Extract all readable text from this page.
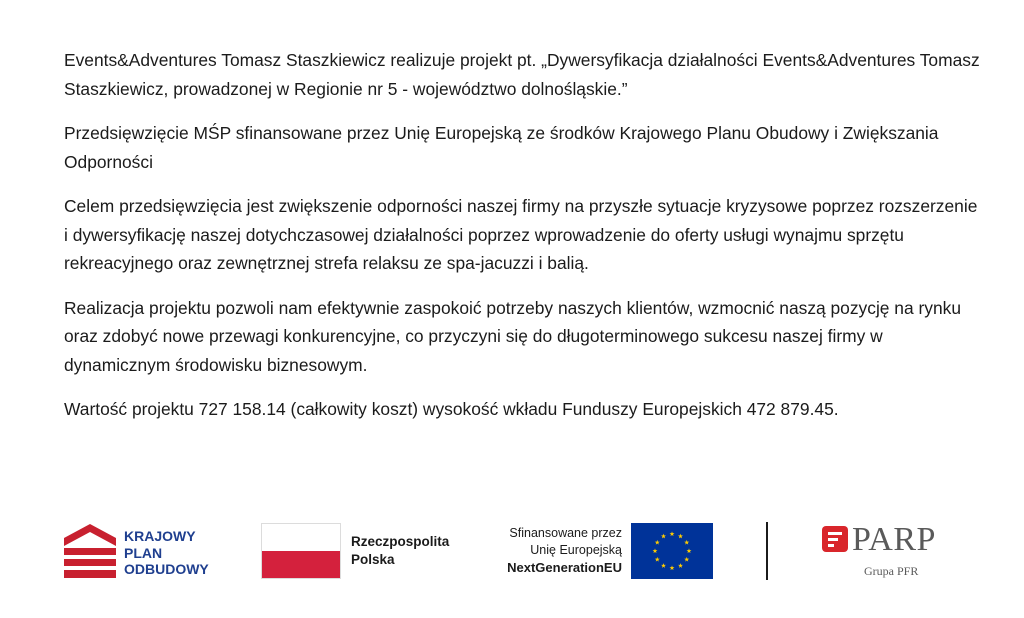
Events&Adventures Tomasz Staszkiewicz realizuje projekt pt. „Dywersyfikacja działalności Events&Adventures Tomasz Staszkiewicz, prowadzonej w Regionie nr 5 - województwo dolnośląskie.”

Przedsięwzięcie MŚP sfinansowane przez Unię Europejską ze środków Krajowego Planu Obudowy i Zwiększania Odporności

Celem przedsięwzięcia jest zwiększenie odporności naszej firmy na przyszłe sytuacje kryzysowe poprzez rozszerzenie i dywersyfikację naszej dotychczasowej działalności poprzez wprowadzenie do oferty usługi wynajmu sprzętu rekreacyjnego oraz zewnętrznej strefa relaksu ze spa-jacuzzi i balią.

Realizacja projektu pozwoli nam efektywnie zaspokoić potrzeby naszych klientów, wzmocnić naszą pozycję na rynku oraz zdobyć nowe przewagi konkurencyjne, co przyczyni się do długoterminowego sukcesu naszej firmy w dynamicznym środowisku biznesowym.

Wartość projektu 727 158.14 (całkowity koszt) wysokość wkładu Funduszy Europejskich 472 879.45.

KRAJOWY
PLAN
ODBUDOWY
Rzeczpospolita
Polska
Sfinansowane przez
Unię Europejską
NextGenerationEU
PARP
Grupa PFR
